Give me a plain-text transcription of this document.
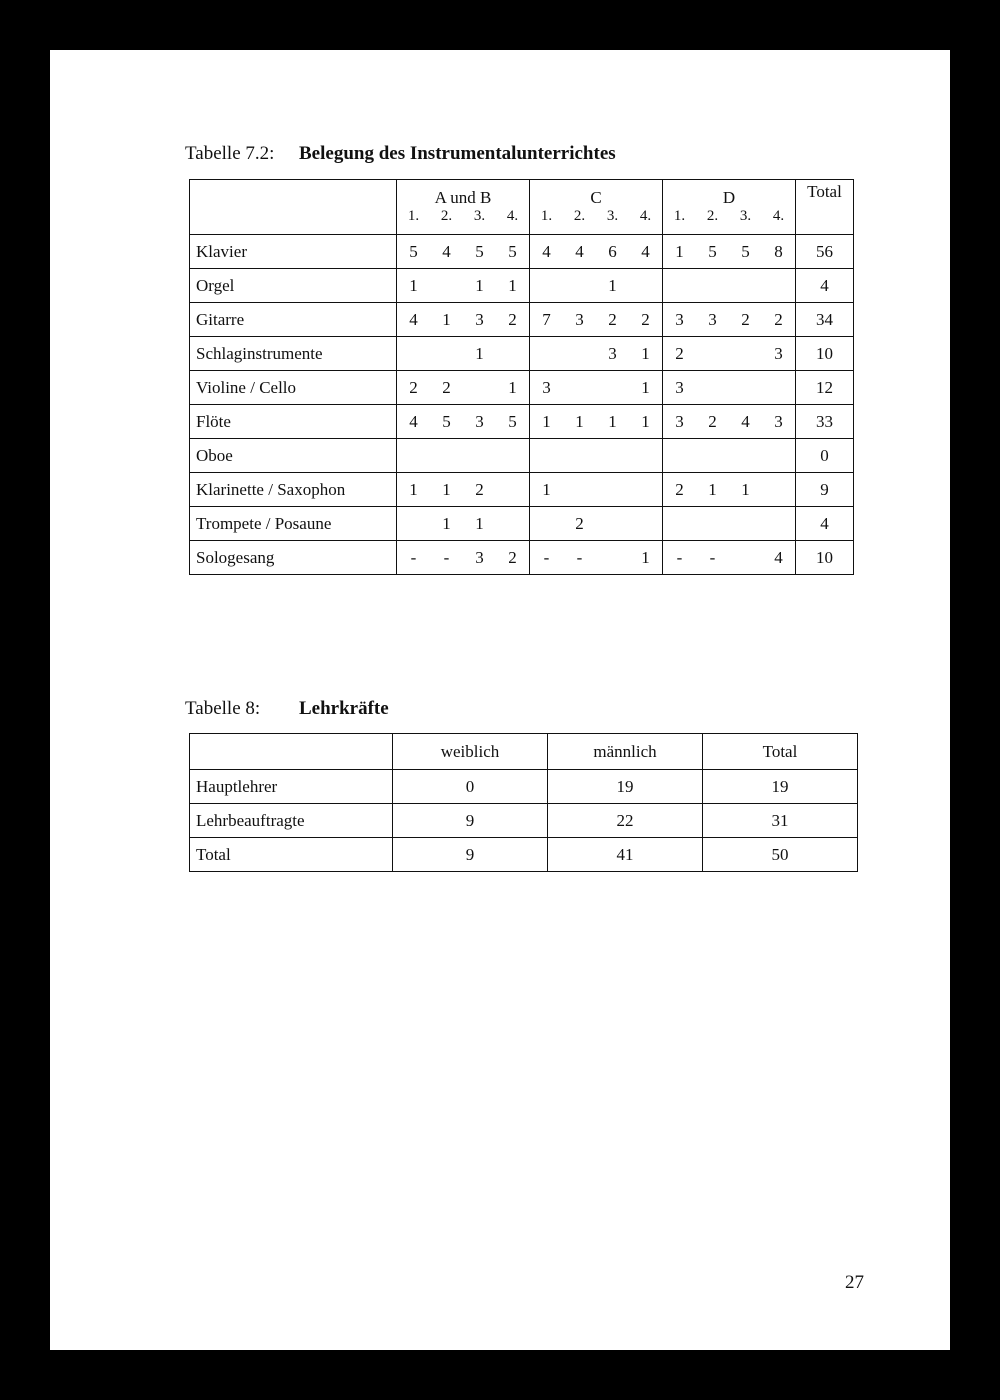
Tabelle 7.2: Belegung des Instrumentalunterrichtes
	A und B				C				D				Total
	1.	2.	3.	4.	1.	2.	3.	4.	1.	2.	3.	4.	
Klavier	5	4	5	5	4	4	6	4	1	5	5	8	56
Orgel	1		1	1			1						4
Gitarre	4	1	3	2	7	3	2	2	3	3	2	2	34
Schlaginstrumente			1				3	1	2			3	10
Violine / Cello	2	2		1	3			1	3				12
Flöte	4	5	3	5	1	1	1	1	3	2	4	3	33
Oboe													0
Klarinette / Saxophon	1	1	2		1				2	1	1		9
Trompete / Posaune		1	1			2							4
Sologesang	-	-	3	2	-	-		1	-	-		4	10
Tabelle 8: Lehrkräfte
	weiblich	männlich	Total
Hauptlehrer	0	19	19
Lehrbeauftragte	9	22	31
Total	9	41	50
27
